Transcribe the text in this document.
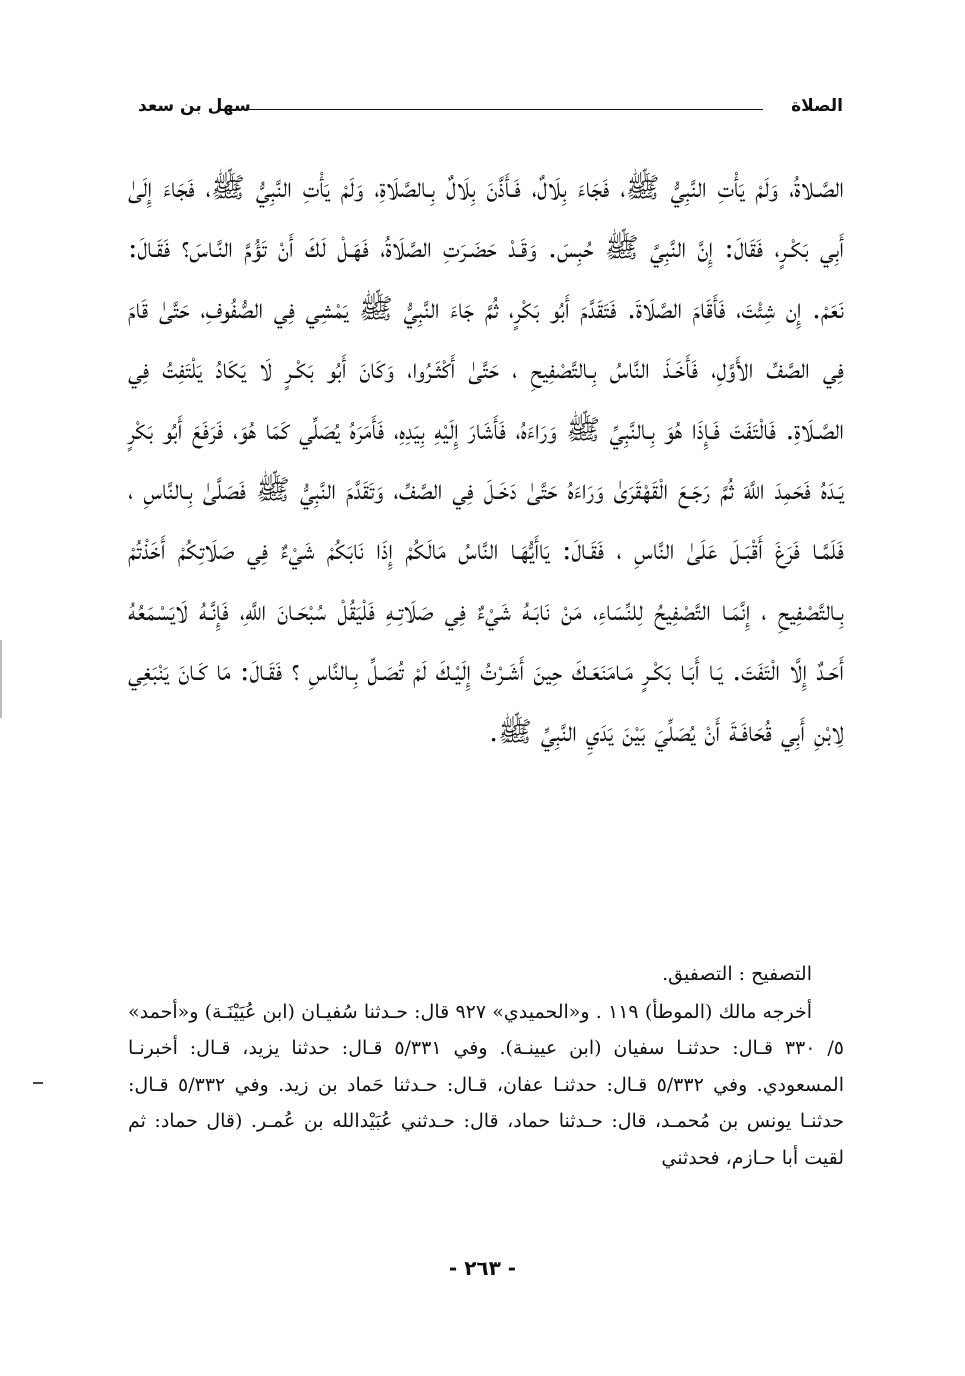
الصلاة
سهل بن سعد

الصَّـلاةُ، وَلَمْ يَأْتِ النَّبِيُّ ﷺ، فَجَاءَ بِلَالٌ، فَـأَذَّنَ بِلَالٌ بِـالصَّلَاةِ، وَلَمْ يَأْتِ النَّبِيُّ ﷺ، فَجَاءَ إِلَىٰ أَبِي بَكْـرٍ، فَقَالَ: إِنَّ النَّبِيَّ ﷺ حُبِسَ. وَقَـدْ حَضَـرَتِ الصَّلَاةُ، فَهَـلْ لَكَ أَنْ تَؤُمَّ النَّـاسَ؟ فَقَـالَ: نَعَمْ. إِن شِئْتَ، فَأَقَامَ الصَّلَاةَ. فَتَقَدَّمَ أَبُو بَكْرٍ، ثُمَّ جَاءَ النَّبِيُّ ﷺ يَمْشِي فِي الصُّفُوفِ، حَتَّىٰ قَامَ فِي الصَّفِّ الأَوَّلِ، فَأَخَـذَ النَّاسُ بِـالتَّصْفِيحِ ، حَتَّىٰ أَكْثَـرُوا، وَكَانَ أَبُو بَكْـرٍ لَا يَكَادُ يَلْتَفِتُ فِي الصَّـلَاةِ. فَالْتَفَتَ فَـإِذَا هُوَ بِـالنَّبِيِّ ﷺ وَرَاءَهُ، فَأَشَارَ إِلَيْهِ بِيَدِهِ، فَأَمَرَهُ يُصَلِّي كَمَا هُوَ، فَرَفَعَ أَبُو بَكْرٍ يَـدَهُ فَحَمِدَ اللَّهَ ثُمَّ رَجَـعَ الْقَهْقَرَىٰ وَرَاءَهُ حَتَّىٰ دَخَـلَ فِي الصَّفِّ، وَتَقَدَّمَ النَّبِيُّ ﷺ فَصَلَّىٰ بِـالنَّاسِ ، فَلَمَّـا فَرَغَ أَقْبَـلَ عَلَىٰ النَّاسِ ، فَقَـالَ: يَاأَيُّهَـا النَّاسُ مَالَكُمْ إِذَا نَابَكُمْ شَيْءٌ فِي صَلَاتِكُمْ أَخَذْتُمْ بِـالتَّصْفِيحِ ، إِنَّمَـا التَّصْفِيحُ لِلنِّسَاءِ، مَنْ نَابَـهُ شَيْءٌ فِي صَلَاتِـهِ فَلْيَقُلْ سُبْحَـانَ اللَّهِ، فَإِنَّـهُ لَايَسْمَعُهُ أَحَـدٌ إِلَّا الْتَفَتَ. يَـا أَبَـا بَكْـرٍ مَـامَنَعَـكَ حِينَ أَشَـرْتُ إِلَيْـكَ لَمْ تُصَـلِّ بِـالنَّاسِ ؟ فَقَـالَ: مَا كَـانَ يَنْبَغِي لِابْنِ أَبِي قُحَافَـةَ أَنْ يُصَلِّيَ بَيْنَ يَدَيِ النَّبِيِّ ﷺ.

التصفيح : التصفيق.

أخرجه مالك (الموطأ) ١١٩ . و«الحميدي» ٩٢٧ قال: حـدثنا سُفيـان (ابن عُيَيْنَـة) و«أحمد» ٥/ ٣٣٠ قـال: حدثنـا سفيان (ابن عيينـة). وفي ٥/٣٣١ قـال: حدثنا يزيد، قـال: أخبرنـا المسعودي. وفي ٥/٣٣٢ قـال: حدثنـا عفان، قـال: حـدثنا حَماد بن زيد. وفي ٥/٣٣٢ قـال: حدثنـا يونس بن مُحمـد، قال: حـدثنا حماد، قال: حـدثني عُبَيْدالله بن عُمـر. (قال حماد: ثم لقيت أبا حـازم، فحدثني

- ٢٦٣ -
